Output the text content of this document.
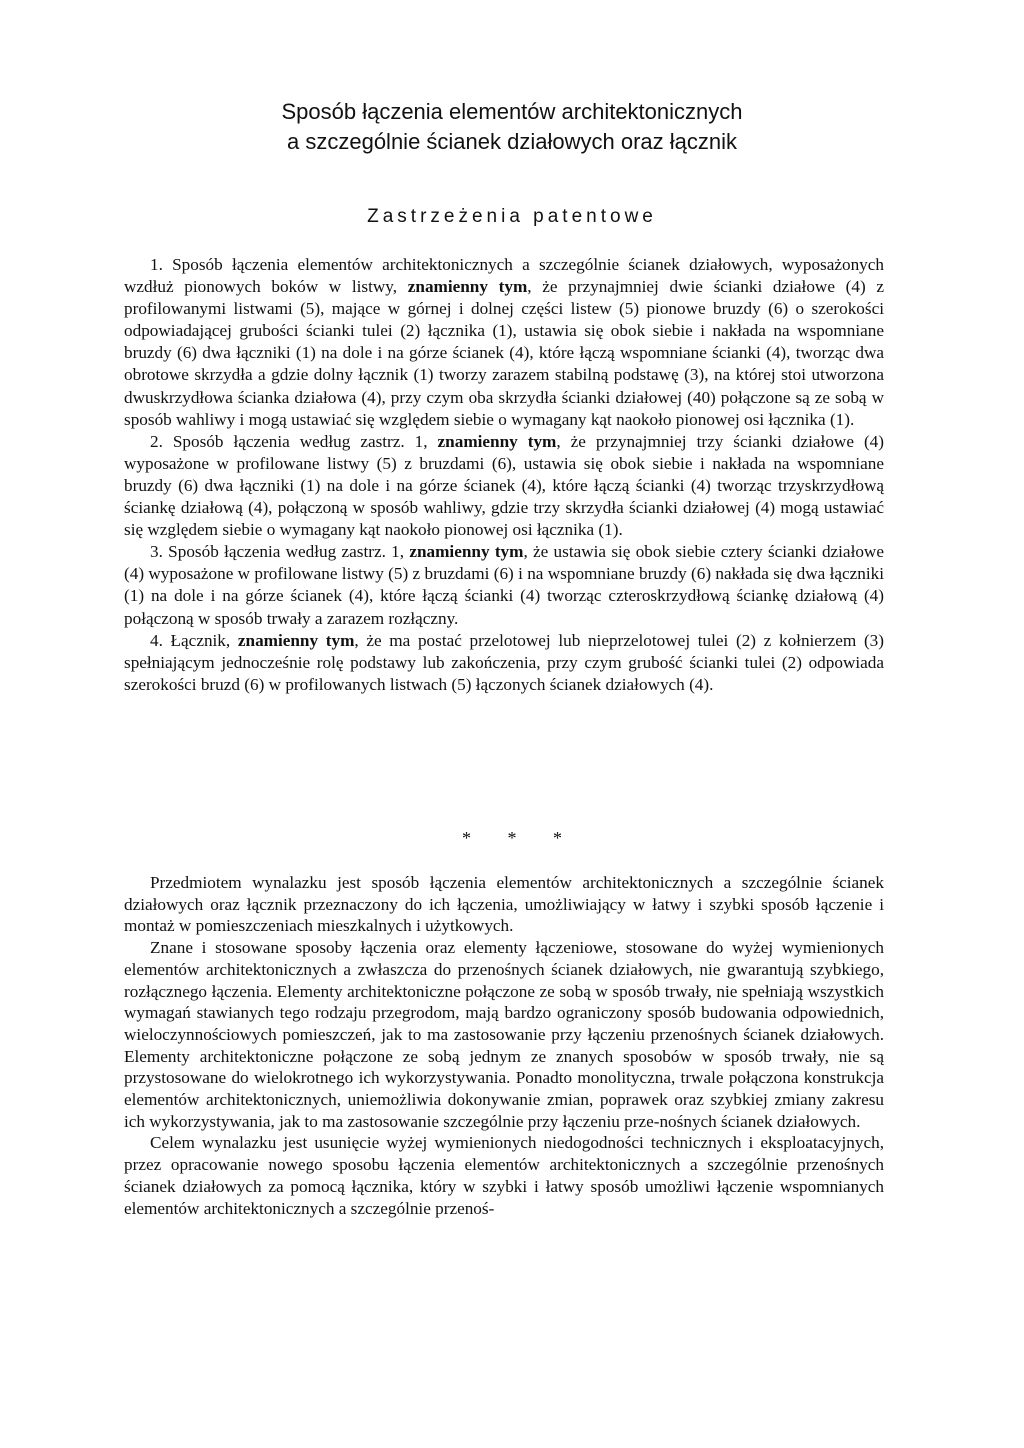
Sposób łączenia elementów architektonicznych
a szczególnie ścianek działowych oraz łącznik
Zastrzeżenia patentowe

1. Sposób łączenia elementów architektonicznych a szczególnie ścianek działowych, wyposażonych wzdłuż pionowych boków w listwy, znamienny tym, że przynajmniej dwie ścianki działowe (4) z profilowanymi listwami (5), mające w górnej i dolnej części listew (5) pionowe bruzdy (6) o szerokości odpowiadającej grubości ścianki tulei (2) łącznika (1), ustawia się obok siebie i nakłada na wspomniane bruzdy (6) dwa łączniki (1) na dole i na górze ścianek (4), które łączą wspomniane ścianki (4), tworząc dwa obrotowe skrzydła a gdzie dolny łącznik (1) tworzy zarazem stabilną podstawę (3), na której stoi utworzona dwuskrzydłowa ścianka działowa (4), przy czym oba skrzydła ścianki działowej (40) połączone są ze sobą w sposób wahliwy i mogą ustawiać się względem siebie o wymagany kąt naokoło pionowej osi łącznika (1).

2. Sposób łączenia według zastrz. 1, znamienny tym, że przynajmniej trzy ścianki działowe (4) wyposażone w profilowane listwy (5) z bruzdami (6), ustawia się obok siebie i nakłada na wspomniane bruzdy (6) dwa łączniki (1) na dole i na górze ścianek (4), które łączą ścianki (4) tworząc trzyskrzydłową ściankę działową (4), połączoną w sposób wahliwy, gdzie trzy skrzydła ścianki działowej (4) mogą ustawiać się względem siebie o wymagany kąt naokoło pionowej osi łącznika (1).

3. Sposób łączenia według zastrz. 1, znamienny tym, że ustawia się obok siebie cztery ścianki działowe (4) wyposażone w profilowane listwy (5) z bruzdami (6) i na wspomniane bruzdy (6) nakłada się dwa łączniki (1) na dole i na górze ścianek (4), które łączą ścianki (4) tworząc czteroskrzydłową ściankę działową (4) połączoną w sposób trwały a zarazem rozłączny.

4. Łącznik, znamienny tym, że ma postać przelotowej lub nieprzelotowej tulei (2) z kołnierzem (3) spełniającym jednocześnie rolę podstawy lub zakończenia, przy czym grubość ścianki tulei (2) odpowiada szerokości bruzd (6) w profilowanych listwach (5) łączonych ścianek działowych (4).

* * *

Przedmiotem wynalazku jest sposób łączenia elementów architektonicznych a szczególnie ścianek działowych oraz łącznik przeznaczony do ich łączenia, umożliwiający w łatwy i szybki sposób łączenie i montaż w pomieszczeniach mieszkalnych i użytkowych.

Znane i stosowane sposoby łączenia oraz elementy łączeniowe, stosowane do wyżej wymienionych elementów architektonicznych a zwłaszcza do przenośnych ścianek działowych, nie gwarantują szybkiego, rozłącznego łączenia. Elementy architektoniczne połączone ze sobą w sposób trwały, nie spełniają wszystkich wymagań stawianych tego rodzaju przegrodom, mają bardzo ograniczony sposób budowania odpowiednich, wieloczynnościowych pomieszczeń, jak to ma zastosowanie przy łączeniu przenośnych ścianek działowych. Elementy architektoniczne połączone ze sobą jednym ze znanych sposobów w sposób trwały, nie są przystosowane do wielokrotnego ich wykorzystywania. Ponadto monolityczna, trwale połączona konstrukcja elementów architektonicznych, uniemożliwia dokonywanie zmian, poprawek oraz szybkiej zmiany zakresu ich wykorzystywania, jak to ma zastosowanie szczególnie przy łączeniu prze-nośnych ścianek działowych.

Celem wynalazku jest usunięcie wyżej wymienionych niedogodności technicznych i eksploatacyjnych, przez opracowanie nowego sposobu łączenia elementów architektonicznych a szczególnie przenośnych ścianek działowych za pomocą łącznika, który w szybki i łatwy sposób umożliwi łączenie wspomnianych elementów architektonicznych a szczególnie przenoś-
